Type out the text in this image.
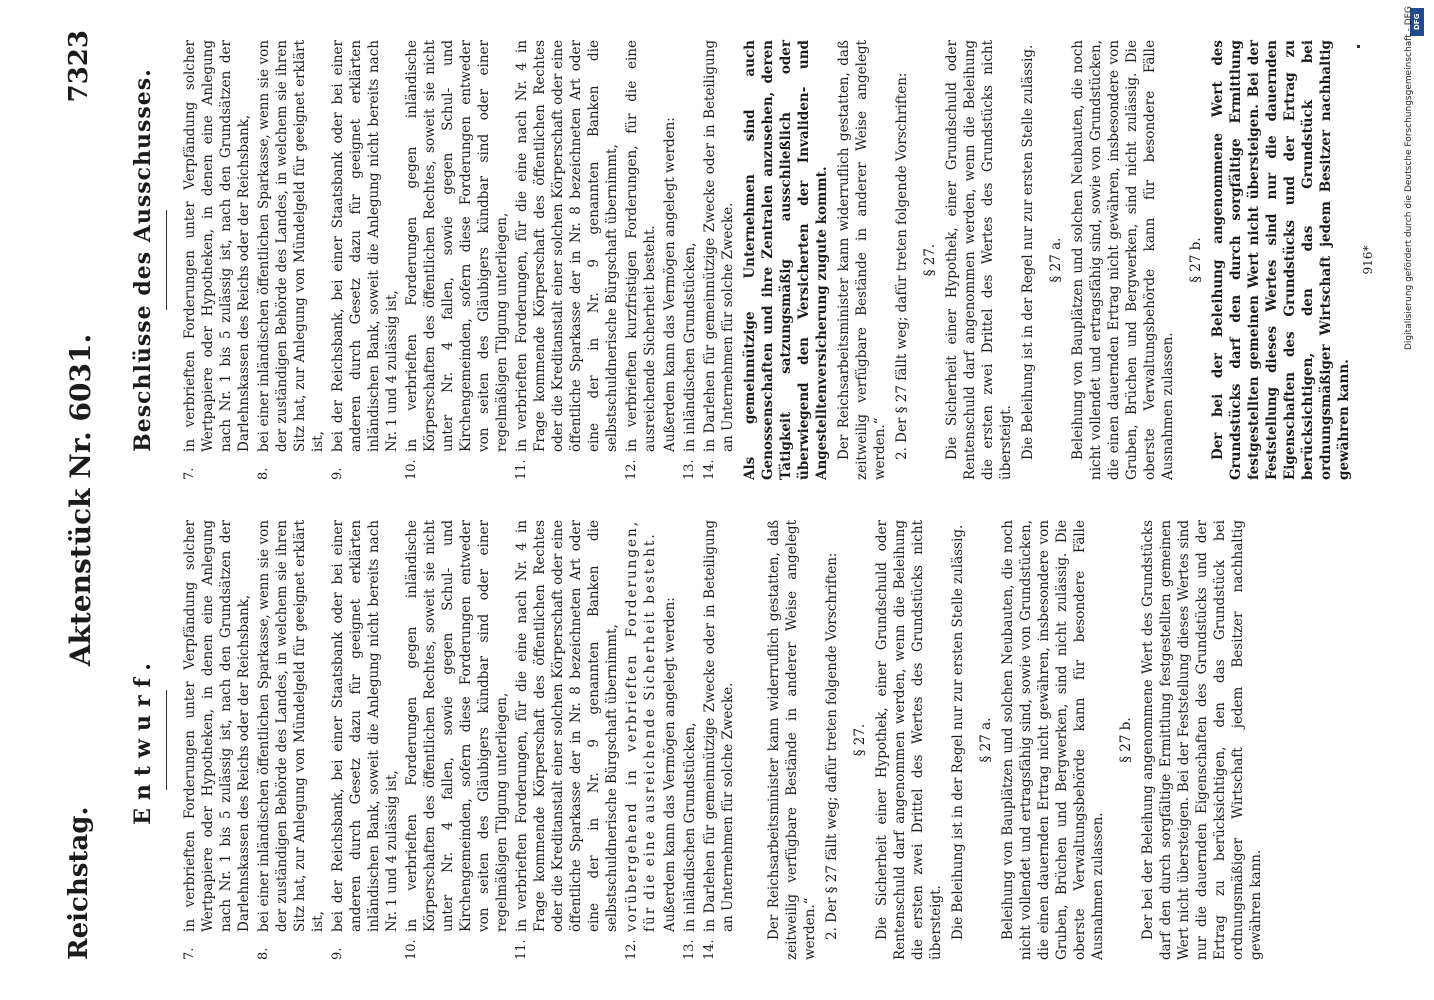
Reichstag.
Aktenstück Nr. 6031.
7323
Entwurf.
7.
in verbrieften Forderungen unter Verpfändung solcher Wertpapiere oder Hypotheken, in denen eine Anlegung nach Nr. 1 bis 5 zulässig ist, nach den Grundsätzen der Darlehnskassen des Reichs oder der Reichsbank,
8.
bei einer inländischen öffentlichen Sparkasse, wenn sie von der zuständigen Behörde des Landes, in welchem sie ihren Sitz hat, zur Anlegung von Mündelgeld für geeignet erklärt ist,
9.
bei der Reichsbank, bei einer Staatsbank oder bei einer anderen durch Gesetz dazu für geeignet erklärten inländischen Bank, soweit die Anlegung nicht bereits nach Nr. 1 und 4 zulässig ist,
10.
in verbrieften Forderungen gegen inländische Körperschaften des öffentlichen Rechtes, soweit sie nicht unter Nr. 4 fallen, sowie gegen Schul- und Kirchengemeinden, sofern diese Forderungen entweder von seiten des Gläubigers kündbar sind oder einer regelmäßigen Tilgung unterliegen,
11.
in verbrieften Forderungen, für die eine nach Nr. 4 in Frage kommende Körperschaft des öffentlichen Rechtes oder die Kreditanstalt einer solchen Körperschaft oder eine öffentliche Sparkasse der in Nr. 8 bezeichneten Art oder eine der in Nr. 9 genannten Banken die selbstschuldnerische Bürgschaft übernimmt,
12.
vorübergehend in verbrieften Forderungen, für die eine ausreichende Sicherheit besteht. Außerdem kann das Vermögen angelegt werden:
13.
in inländischen Grundstücken,
14.
in Darlehen für gemeinnützige Zwecke oder in Beteiligung an Unternehmen für solche Zwecke. Der Reichsarbeitsminister kann widerruflich gestatten, daß zeitweilig verfügbare Bestände in anderer Weise angelegt werden.“ 2. Der § 27 fällt weg; dafür treten folgende Vorschriften: § 27. Die Sicherheit einer Hypothek, einer Grundschuld oder Rentenschuld darf angenommen werden, wenn die Beleihung die ersten zwei Drittel des Wertes des Grundstücks nicht übersteigt. Die Beleihung ist in der Regel nur zur ersten Stelle zulässig. § 27 a. Beleihung von Bauplätzen und solchen Neubauten, die noch nicht vollendet und ertragsfähig sind, sowie von Grundstücken, die einen dauernden Ertrag nicht gewähren, insbesondere von Gruben, Brüchen und Bergwerken, sind nicht zulässig. Die oberste Verwaltungsbehörde kann für besondere Fälle Ausnahmen zulassen.

§ 27 b. Der bei der Beleihung angenommene Wert des Grundstücks darf den durch sorgfältige Ermittlung festgestellten gemeinen Wert nicht übersteigen. Bei der Feststellung dieses Wertes sind nur die dauernden Eigenschaften des Grundstücks und der Ertrag zu berücksichtigen, den das Grundstück bei ordnungsmäßiger Wirtschaft jedem Besitzer nachhaltig gewähren kann.

Beschlüsse des Ausschusses.
7.
in verbrieften Forderungen unter Verpfändung solcher Wertpapiere oder Hypotheken, in denen eine Anlegung nach Nr. 1 bis 5 zulässig ist, nach den Grundsätzen der Darlehnskassen des Reichs oder der Reichsbank,
8.
bei einer inländischen öffentlichen Sparkasse, wenn sie von der zuständigen Behörde des Landes, in welchem sie ihren Sitz hat, zur Anlegung von Mündelgeld für geeignet erklärt ist,
9.
bei der Reichsbank, bei einer Staatsbank oder bei einer anderen durch Gesetz dazu für geeignet erklärten inländischen Bank, soweit die Anlegung nicht bereits nach Nr. 1 und 4 zulässig ist,
10.
in verbrieften Forderungen gegen inländische Körperschaften des öffentlichen Rechtes, soweit sie nicht unter Nr. 4 fallen, sowie gegen Schul- und Kirchengemeinden, sofern diese Forderungen entweder von seiten des Gläubigers kündbar sind oder einer regelmäßigen Tilgung unterliegen,
11.
in verbrieften Forderungen, für die eine nach Nr. 4 in Frage kommende Körperschaft des öffentlichen Rechtes oder die Kreditanstalt einer solchen Körperschaft oder eine öffentliche Sparkasse der in Nr. 8 bezeichneten Art oder eine der in Nr. 9 genannten Banken die selbstschuldnerische Bürgschaft übernimmt,
12.
in verbrieften kurzfristigen Forderungen, für die eine ausreichende Sicherheit besteht. Außerdem kann das Vermögen angelegt werden:
13.
in inländischen Grundstücken,
14.
in Darlehen für gemeinnützige Zwecke oder in Beteiligung an Unternehmen für solche Zwecke. Als gemeinnützige Unternehmen sind auch Genossenschaften und ihre Zentralen anzusehen, deren Tätigkeit satzungsmäßig ausschließlich oder überwiegend den Versicherten der Invaliden- und Angestelltenversicherung zugute kommt. Der Reichsarbeitsminister kann widerruflich gestatten, daß zeitweilig verfügbare Bestände in anderer Weise angelegt werden.“ 2. Der § 27 fällt weg; dafür treten folgende Vorschriften: § 27. Die Sicherheit einer Hypothek, einer Grundschuld oder Rentenschuld darf angenommen werden, wenn die Beleihung die ersten zwei Drittel des Wertes des Grundstücks nicht übersteigt. Die Beleihung ist in der Regel nur zur ersten Stelle zulässig. § 27 a. Beleihung von Bauplätzen und solchen Neubauten, die noch nicht vollendet und ertragsfähig sind, sowie von Grundstücken, die einen dauernden Ertrag nicht gewähren, insbesondere von Gruben, Brüchen und Bergwerken, sind nicht zulässig. Die oberste Verwaltungsbehörde kann für besondere Fälle Ausnahmen zulassen.

§ 27 b. Der bei der Beleihung angenommene Wert des Grundstücks darf den durch sorgfältige Ermittlung festgestellten gemeinen Wert nicht übersteigen. Bei der Feststellung dieses Wertes sind nur die dauernden Eigenschaften des Grundstücks und der Ertrag zu berücksichtigen, den das Grundstück bei ordnungsmäßiger Wirtschaft jedem Besitzer nachhaltig gewähren kann.

916*
DFG
Digitalisierung gefördert durch die Deutsche Forschungsgemeinschaft - DFG
